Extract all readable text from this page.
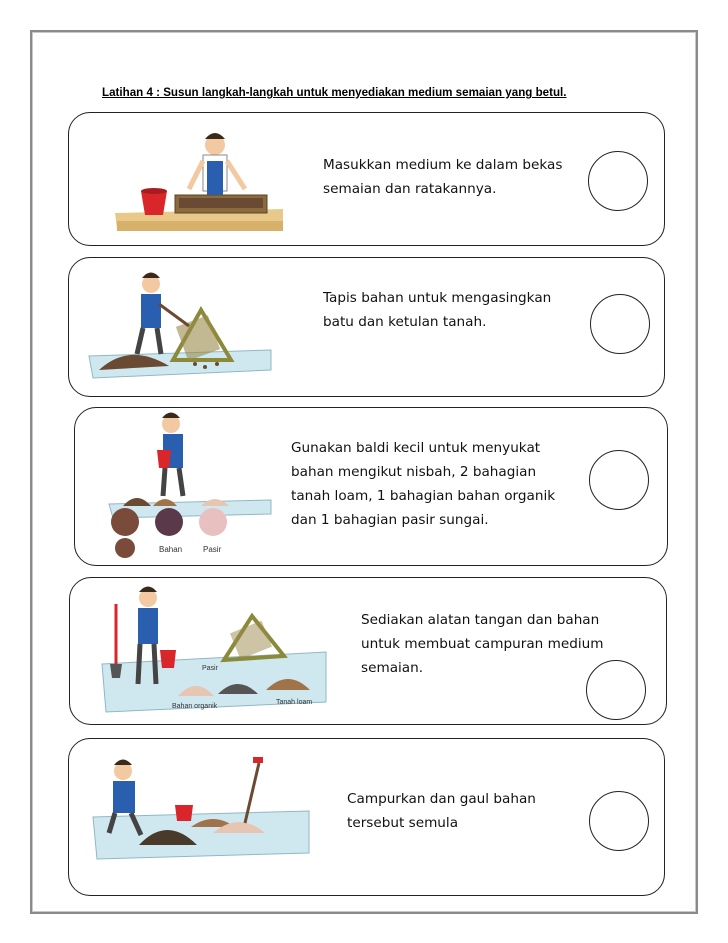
Latihan 4 : Susun langkah-langkah untuk menyediakan medium semaian yang betul.
Masukkan medium ke dalam bekas
semaian dan ratakannya.
Tapis bahan untuk mengasingkan
batu dan ketulan tanah.
Bahan	Pasir
Gunakan baldi kecil untuk menyukat
bahan mengikut nisbah, 2 bahagian
tanah loam, 1 bahagian bahan organik
dan 1 bahagian pasir sungai.
Pasir
Bahan organik
Tanah loam
Sediakan alatan tangan dan bahan
untuk membuat campuran medium
semaian.
Campurkan dan gaul bahan
tersebut semula
